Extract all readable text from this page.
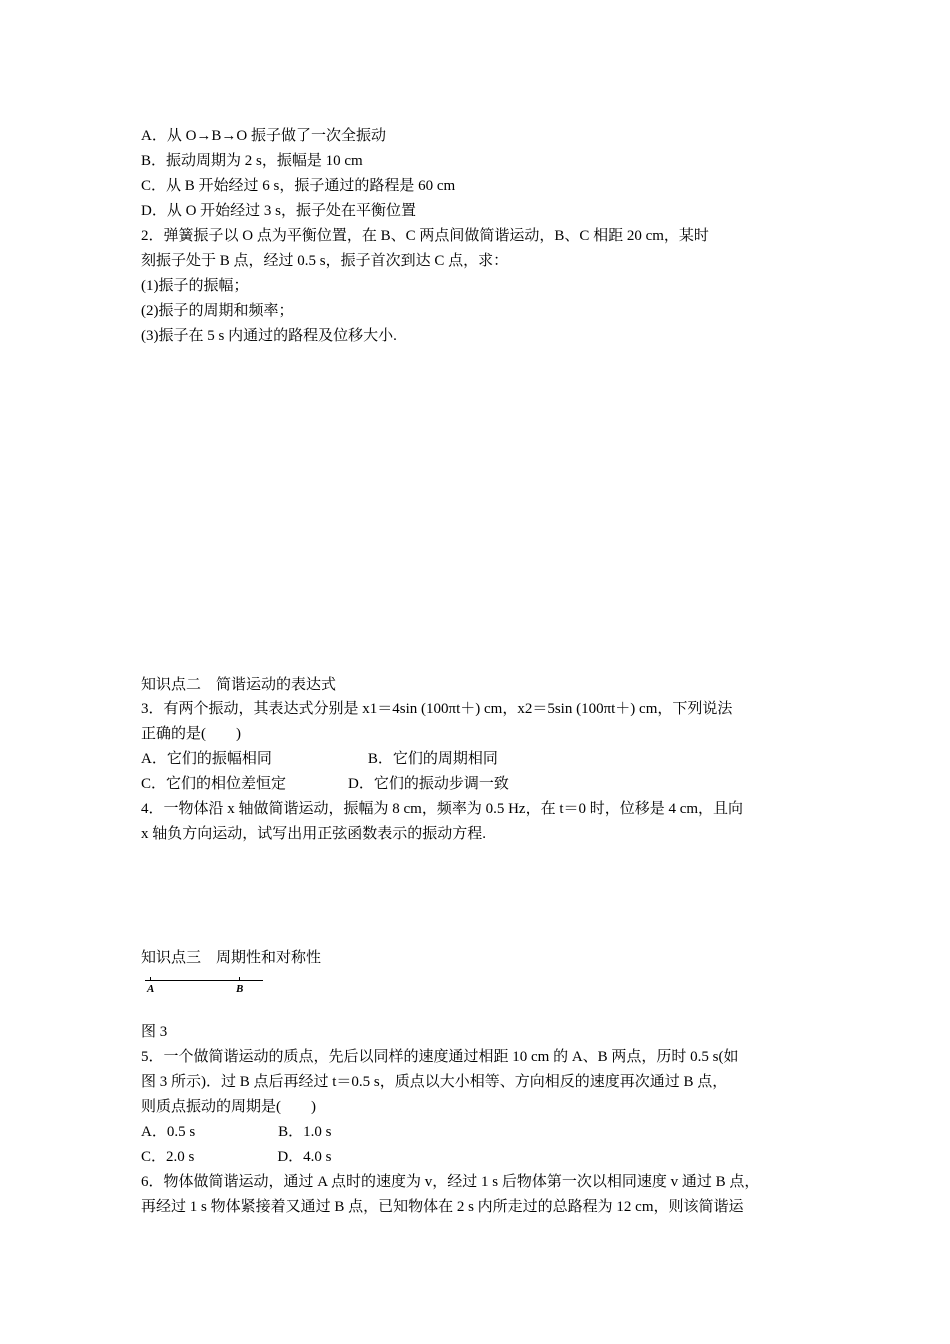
A．从 O→B→O 振子做了一次全振动
B．振动周期为 2 s，振幅是 10 cm
C．从 B 开始经过 6 s，振子通过的路程是 60 cm
D．从 O 开始经过 3 s，振子处在平衡位置
2．弹簧振子以 O 点为平衡位置，在 B、C 两点间做简谐运动，B、C 相距 20 cm，某时
刻振子处于 B 点，经过 0.5 s，振子首次到达 C 点，求：
(1)振子的振幅；
(2)振子的周期和频率；
(3)振子在 5 s 内通过的路程及位移大小.
知识点二　简谐运动的表达式
3．有两个振动，其表达式分别是 x1＝4sin (100πt＋) cm，x2＝5sin (100πt＋) cm，下列说法
正确的是(　　)
A．它们的振幅相同	B．它们的周期相同
C．它们的相位差恒定	D．它们的振动步调一致
4．一物体沿 x 轴做简谐运动，振幅为 8 cm，频率为 0.5 Hz，在 t＝0 时，位移是 4 cm，且向
x 轴负方向运动，试写出用正弦函数表示的振动方程.
知识点三　周期性和对称性
A	B
图 3
5．一个做简谐运动的质点，先后以同样的速度通过相距 10 cm 的 A、B 两点，历时 0.5 s(如
图 3 所示)．过 B 点后再经过 t＝0.5 s，质点以大小相等、方向相反的速度再次通过 B 点，
则质点振动的周期是(　　)
A．0.5 s	B．1.0 s
C．2.0 s	D．4.0 s
6．物体做简谐运动，通过 A 点时的速度为 v，经过 1 s 后物体第一次以相同速度 v 通过 B 点，
再经过 1 s 物体紧接着又通过 B 点，已知物体在 2 s 内所走过的总路程为 12 cm，则该简谐运
